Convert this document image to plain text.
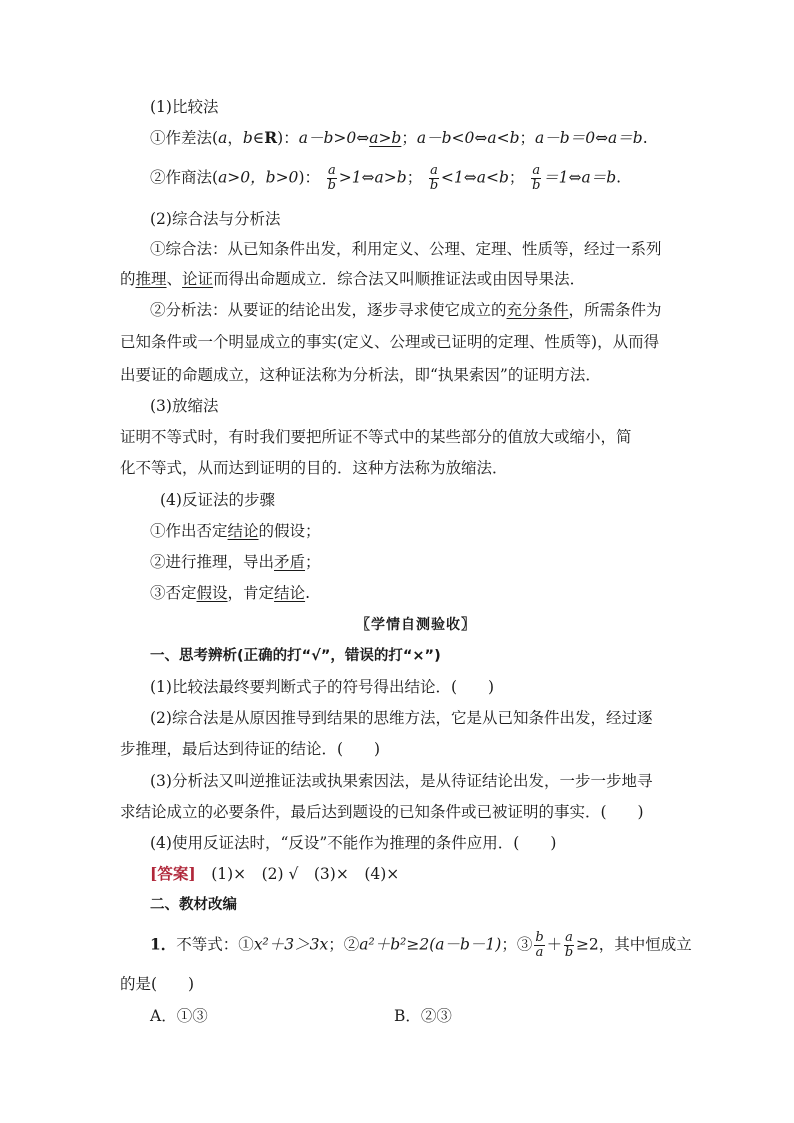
(1)比较法
①作差法(a，b∈R)：a－b>0⇔a>b；a－b<0⇔a<b；a－b＝0⇔a＝b.
②作商法(a>0，b>0)： $\frac{a}{b}$ >1⇔a>b； $\frac{a}{b}$ <1⇔a<b； $\frac{a}{b}$ ＝1⇔a＝b.
(2)综合法与分析法
①综合法：从已知条件出发，利用定义、公理、定理、性质等，经过一系列
的推理、论证而得出命题成立．综合法又叫顺推证法或由因导果法．
②分析法：从要证的结论出发，逐步寻求使它成立的充分条件，所需条件为
已知条件或一个明显成立的事实(定义、公理或已证明的定理、性质等)，从而得
出要证的命题成立，这种证法称为分析法，即“执果索因”的证明方法．
(3)放缩法
证明不等式时，有时我们要把所证不等式中的某些部分的值放大或缩小，简
化不等式，从而达到证明的目的．这种方法称为放缩法．
(4)反证法的步骤
①作出否定结论的假设；
②进行推理，导出矛盾；
③否定假设，肯定结论.
〖学情自测验收〗
一、思考辨析(正确的打“√”，错误的打“×”)
(1)比较法最终要判断式子的符号得出结论．(　　)
(2)综合法是从原因推导到结果的思维方法，它是从已知条件出发，经过逐
步推理，最后达到待证的结论．(　　)
(3)分析法又叫逆推证法或执果索因法，是从待证结论出发，一步一步地寻
求结论成立的必要条件，最后达到题设的已知条件或已被证明的事实．(　　)
(4)使用反证法时，“反设”不能作为推理的条件应用．(　　)
[答案]　 (1)×　(2) √　(3)×　(4)×
二、教材改编
1．不等式：①x²＋3＞3x；②a²＋b²≥2(a－b－1)；③ $\frac{b}{a} + \frac{a}{b} \ge 2$，其中恒成立
的是(　　)
A．①③	B．②③
